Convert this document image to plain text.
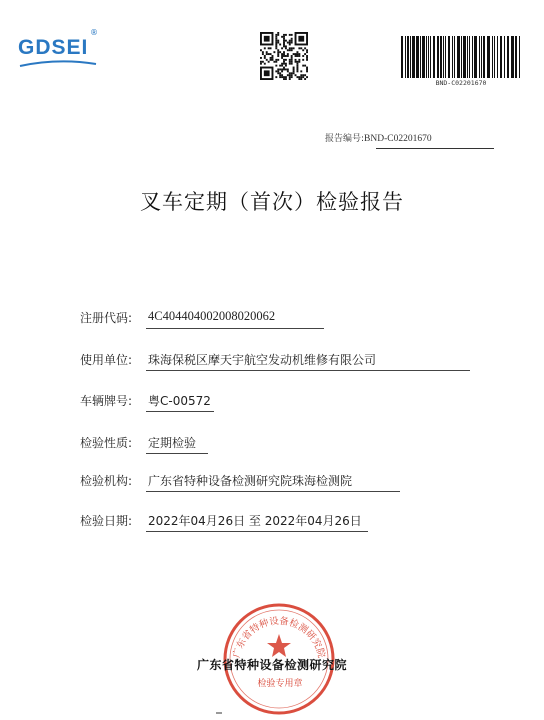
GDSEI
®
BND-C02201670
报告编号:BND-C02201670
叉车定期（首次）检验报告
注册代码: 4C404404002008020062
使用单位: 珠海保税区摩天宇航空发动机维修有限公司
车辆牌号: 粤C-00572
检验性质: 定期检验
检验机构: 广东省特种设备检测研究院珠海检测院
检验日期: 2022年04月26日 至 2022年04月26日
广东省特种设备检测研究院
广东省特种设备检测研究院
检验专用章
